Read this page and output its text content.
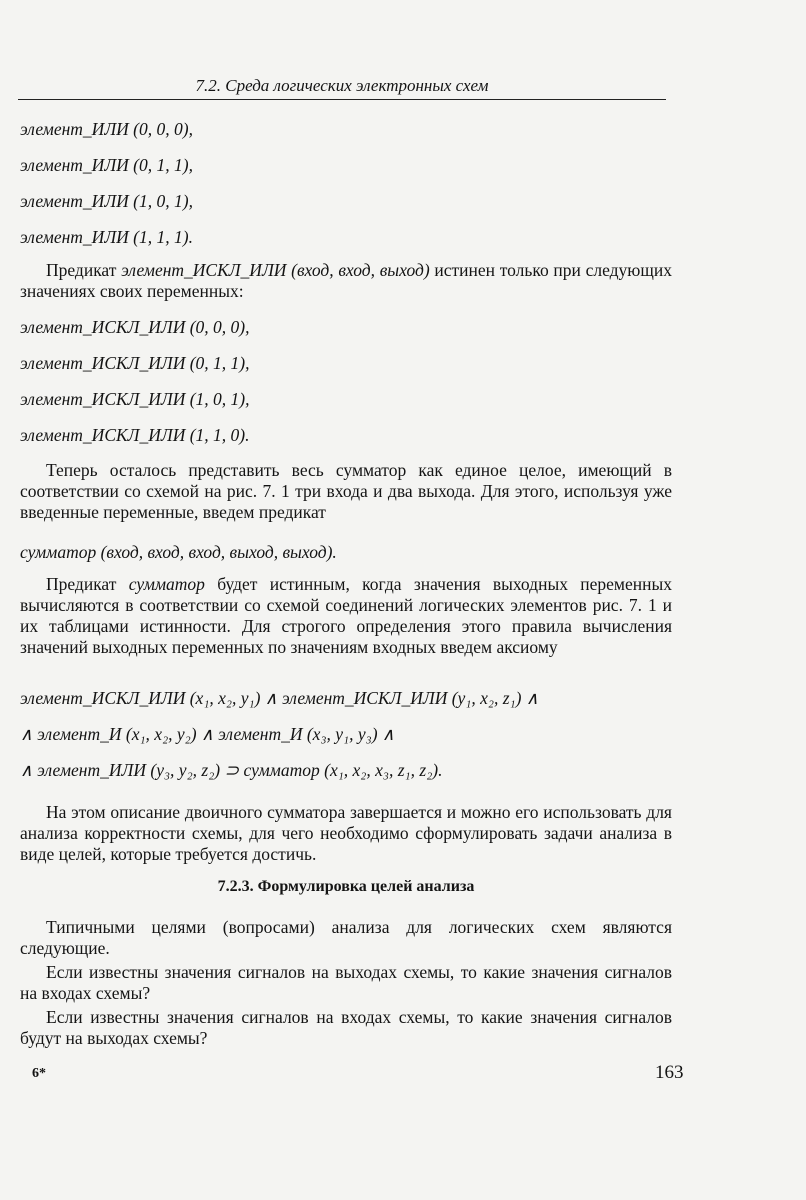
7.2. Среда логических электронных схем
элемент_ИЛИ (0, 0, 0),
элемент_ИЛИ (0, 1, 1),
элемент_ИЛИ (1, 0, 1),
элемент_ИЛИ (1, 1, 1).
Предикат элемент_ИСКЛ_ИЛИ (вход, вход, выход) истинен только при следующих значениях своих переменных:
элемент_ИСКЛ_ИЛИ (0, 0, 0),
элемент_ИСКЛ_ИЛИ (0, 1, 1),
элемент_ИСКЛ_ИЛИ (1, 0, 1),
элемент_ИСКЛ_ИЛИ (1, 1, 0).
Теперь осталось представить весь сумматор как единое целое, имеющий в соответствии со схемой на рис. 7. 1 три входа и два выхода. Для этого, используя уже введенные переменные, введем предикат
сумматор (вход, вход, вход, выход, выход).
Предикат сумматор будет истинным, когда значения выходных переменных вычисляются в соответствии со схемой соединений логических элементов рис. 7. 1 и их таблицами истинности. Для строгого определения этого правила вычисления значений выходных переменных по значениям входных введем аксиому
элемент_ИСКЛ_ИЛИ (x₁, x₂, y₁) ∧ элемент_ИСКЛ_ИЛИ (y₁, x₂, z₁) ∧
∧ элемент_И (x₁, x₂, y₂) ∧ элемент_И (x₃, y₁, y₃) ∧
∧ элемент_ИЛИ (y₃, y₂, z₂) ⊃ сумматор (x₁, x₂, x₃, z₁, z₂).
На этом описание двоичного сумматора завершается и можно его использовать для анализа корректности схемы, для чего необходимо сформулировать задачи анализа в виде целей, которые требуется достичь.
7.2.3. Формулировка целей анализа
Типичными целями (вопросами) анализа для логических схем являются следующие.
Если известны значения сигналов на выходах схемы, то какие значения сигналов на входах схемы?
Если известны значения сигналов на входах схемы, то какие значения сигналов будут на выходах схемы?
6*	163
